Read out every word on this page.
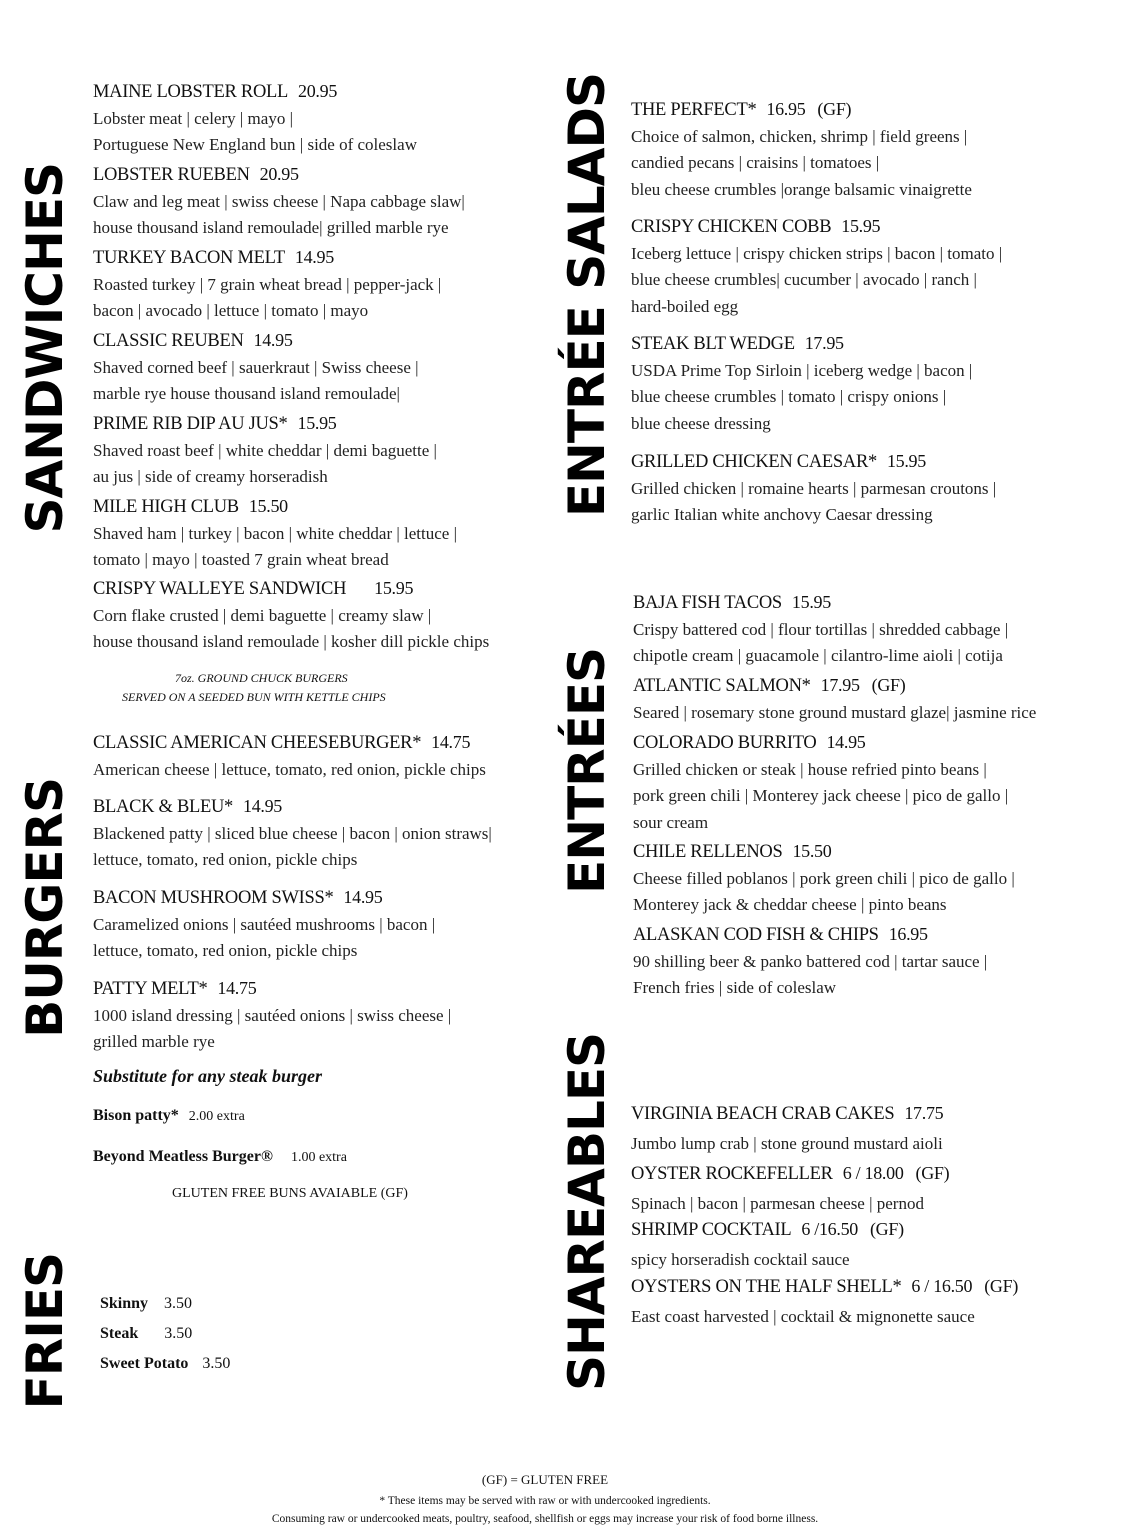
SANDWICHES
BURGERS
FRIES
ENTRÉE SALADS
ENTRÉES
SHAREABLES
MAINE LOBSTER ROLL 20.95
Lobster meat | celery | mayo |
Portuguese New England bun | side of coleslaw
LOBSTER RUEBEN 20.95
Claw and leg meat | swiss cheese | Napa cabbage slaw|
house thousand island remoulade| grilled marble rye
TURKEY BACON MELT 14.95
Roasted turkey | 7 grain wheat bread | pepper-jack |
bacon | avocado | lettuce | tomato | mayo
CLASSIC REUBEN 14.95
Shaved corned beef | sauerkraut | Swiss cheese |
marble rye house thousand island remoulade|
PRIME RIB DIP AU JUS* 15.95
Shaved roast beef | white cheddar | demi baguette |
au jus | side of creamy horseradish
MILE HIGH CLUB 15.50
Shaved ham | turkey | bacon | white cheddar | lettuce |
tomato | mayo | toasted 7 grain wheat bread
CRISPY WALLEYE SANDWICH 15.95
Corn flake crusted | demi baguette | creamy slaw |
house thousand island remoulade | kosher dill pickle chips
CLASSIC AMERICAN CHEESEBURGER* 14.75
American cheese | lettuce, tomato, red onion, pickle chips
BLACK & BLEU* 14.95
Blackened patty | sliced blue cheese | bacon | onion straws|
lettuce, tomato, red onion, pickle chips
BACON MUSHROOM SWISS* 14.95
Caramelized onions | sautéed mushrooms | bacon |
lettuce, tomato, red onion, pickle chips
PATTY MELT* 14.75
1000 island dressing | sautéed onions | swiss cheese |
grilled marble rye
THE PERFECT* 16.95 (GF)
Choice of salmon, chicken, shrimp | field greens |
candied pecans | craisins | tomatoes |
bleu cheese crumbles |orange balsamic vinaigrette
CRISPY CHICKEN COBB 15.95
Iceberg lettuce | crispy chicken strips | bacon | tomato |
blue cheese crumbles| cucumber | avocado | ranch |
hard-boiled egg
STEAK BLT WEDGE 17.95
USDA Prime Top Sirloin | iceberg wedge | bacon |
blue cheese crumbles | tomato | crispy onions |
blue cheese dressing
GRILLED CHICKEN CAESAR* 15.95
Grilled chicken | romaine hearts | parmesan croutons |
garlic Italian white anchovy Caesar dressing
BAJA FISH TACOS 15.95
Crispy battered cod | flour tortillas | shredded cabbage |
chipotle cream | guacamole | cilantro-lime aioli | cotija
ATLANTIC SALMON* 17.95 (GF)
Seared | rosemary stone ground mustard glaze| jasmine rice
COLORADO BURRITO 14.95
Grilled chicken or steak | house refried pinto beans |
pork green chili | Monterey jack cheese | pico de gallo |
sour cream
CHILE RELLENOS 15.50
Cheese filled poblanos | pork green chili | pico de gallo |
Monterey jack & cheddar cheese | pinto beans
ALASKAN COD FISH & CHIPS 16.95
90 shilling beer & panko battered cod | tartar sauce |
French fries | side of coleslaw
VIRGINIA BEACH CRAB CAKES 17.75
Jumbo lump crab | stone ground mustard aioli
OYSTER ROCKEFELLER 6 / 18.00 (GF)
Spinach | bacon | parmesan cheese | pernod
SHRIMP COCKTAIL 6 /16.50 (GF)
spicy horseradish cocktail sauce
OYSTERS ON THE HALF SHELL* 6 / 16.50 (GF)
East coast harvested | cocktail & mignonette sauce
7oz. GROUND CHUCK BURGERS
SERVED ON A SEEDED BUN WITH KETTLE CHIPS
Substitute for any steak burger
Bison patty* 2.00 extra
Beyond Meatless Burger® 1.00 extra
GLUTEN FREE BUNS AVAIABLE (GF)
Skinny 3.50
Steak 3.50
Sweet Potato 3.50
(GF) = GLUTEN FREE
* These items may be served with raw or with undercooked ingredients.
Consuming raw or undercooked meats, poultry, seafood, shellfish or eggs may increase your risk of food borne illness.
